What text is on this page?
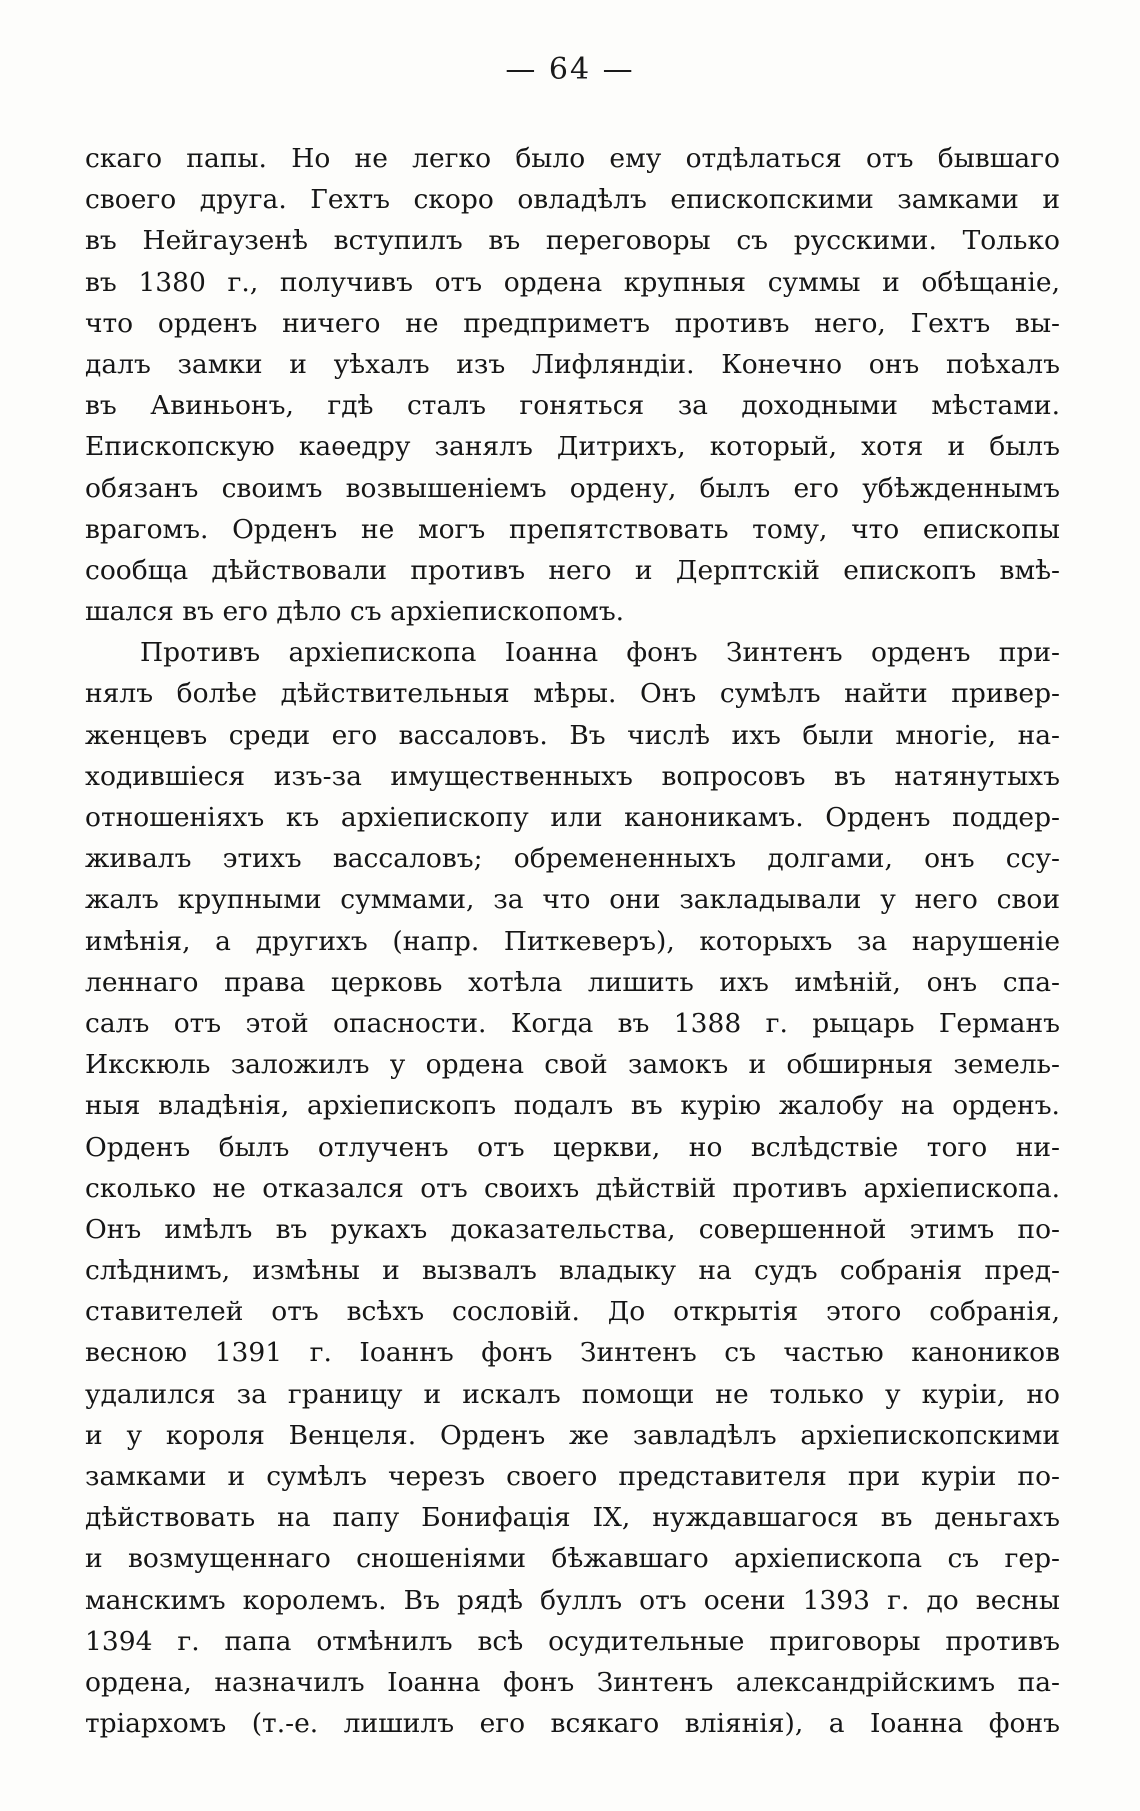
— 64 —
скаго папы. Но не легко было ему отдѣлаться отъ бывшаго
своего друга. Гехтъ скоро овладѣлъ епископскими замками и
въ Нейгаузенѣ вступилъ въ переговоры съ русскими. Только
въ 1380 г., получивъ отъ ордена крупныя суммы и обѣщаніе,
что орденъ ничего не предприметъ противъ него, Гехтъ вы-
далъ замки и уѣхалъ изъ Лифляндіи. Конечно онъ поѣхалъ
въ Авиньонъ, гдѣ сталъ гоняться за доходными мѣстами.
Епископскую каѳедру занялъ Дитрихъ, который, хотя и былъ
обязанъ своимъ возвышеніемъ ордену, былъ его убѣжденнымъ
врагомъ. Орденъ не могъ препятствовать тому, что епископы
сообща дѣйствовали противъ него и Дерптскій епископъ вмѣ-
шался въ его дѣло съ архіепископомъ.
Противъ архіепископа Іоанна фонъ Зинтенъ орденъ при-
нялъ болѣе дѣйствительныя мѣры. Онъ сумѣлъ найти привер-
женцевъ среди его вассаловъ. Въ числѣ ихъ были многіе, на-
ходившіеся изъ-за имущественныхъ вопросовъ въ натянутыхъ
отношеніяхъ къ архіепископу или каноникамъ. Орденъ поддер-
живалъ этихъ вассаловъ; обремененныхъ долгами, онъ ссу-
жалъ крупными суммами, за что они закладывали у него свои
имѣнія, а другихъ (напр. Питкеверъ), которыхъ за нарушеніе
леннаго права церковь хотѣла лишить ихъ имѣній, онъ спа-
салъ отъ этой опасности. Когда въ 1388 г. рыцарь Германъ
Икскюль заложилъ у ордена свой замокъ и обширныя земель-
ныя владѣнія, архіепископъ подалъ въ курію жалобу на орденъ.
Орденъ былъ отлученъ отъ церкви, но вслѣдствіе того ни-
сколько не отказался отъ своихъ дѣйствій противъ архіепископа.
Онъ имѣлъ въ рукахъ доказательства, совершенной этимъ по-
слѣднимъ, измѣны и вызвалъ владыку на судъ собранія пред-
ставителей отъ всѣхъ сословій. До открытія этого собранія,
весною 1391 г. Іоаннъ фонъ Зинтенъ съ частью каноников
удалился за границу и искалъ помощи не только у куріи, но
и у короля Венцеля. Орденъ же завладѣлъ архіепископскими
замками и сумѣлъ черезъ своего представителя при куріи по-
дѣйствовать на папу Бонифація IX, нуждавшагося въ деньгахъ
и возмущеннаго сношеніями бѣжавшаго архіепископа съ гер-
манскимъ королемъ. Въ рядѣ буллъ отъ осени 1393 г. до весны
1394 г. папа отмѣнилъ всѣ осудительные приговоры противъ
ордена, назначилъ Іоанна фонъ Зинтенъ александрійскимъ па-
тріархомъ (т.-е. лишилъ его всякаго вліянія), а Іоанна фонъ
